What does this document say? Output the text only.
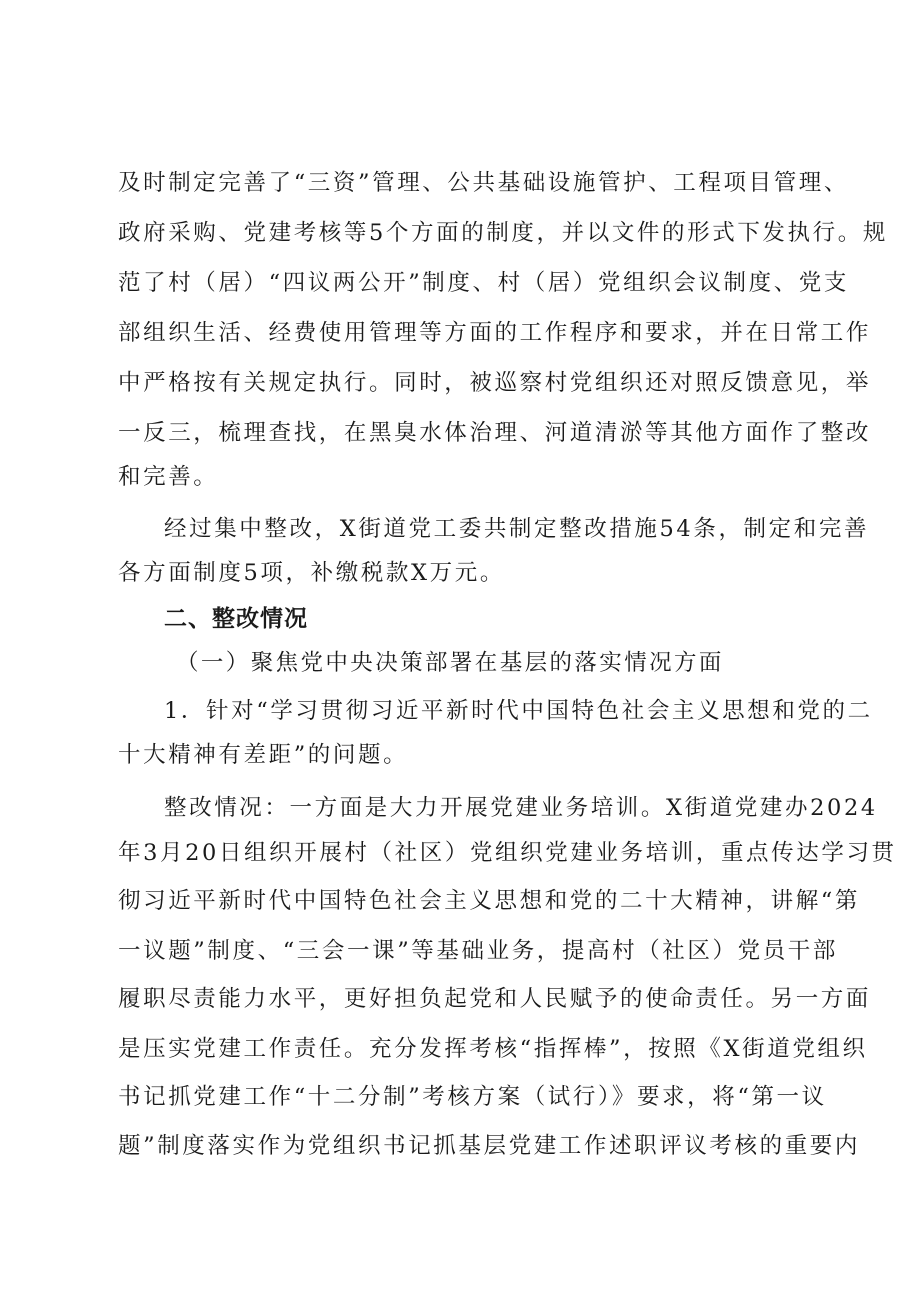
及时制定完善了“三资”管理、公共基础设施管护、工程项目管理、
政府采购、党建考核等5个方面的制度，并以文件的形式下发执行。规
范了村（居）“四议两公开”制度、村（居）党组织会议制度、党支
部组织生活、经费使用管理等方面的工作程序和要求，并在日常工作
中严格按有关规定执行。同时，被巡察村党组织还对照反馈意见，举
一反三，梳理查找，在黑臭水体治理、河道清淤等其他方面作了整改
和完善。
经过集中整改，X街道党工委共制定整改措施54条，制定和完善
各方面制度5项，补缴税款X万元。
二、整改情况
（一）聚焦党中央决策部署在基层的落实情况方面
1．针对“学习贯彻习近平新时代中国特色社会主义思想和党的二
十大精神有差距”的问题。
整改情况：一方面是大力开展党建业务培训。X街道党建办2024
年3月20日组织开展村（社区）党组织党建业务培训，重点传达学习贯
彻习近平新时代中国特色社会主义思想和党的二十大精神，讲解“第
一议题”制度、“三会一课”等基础业务，提高村（社区）党员干部
履职尽责能力水平，更好担负起党和人民赋予的使命责任。另一方面
是压实党建工作责任。充分发挥考核“指挥棒”，按照《X街道党组织
书记抓党建工作“十二分制”考核方案（试行）》要求，将“第一议
题”制度落实作为党组织书记抓基层党建工作述职评议考核的重要内
